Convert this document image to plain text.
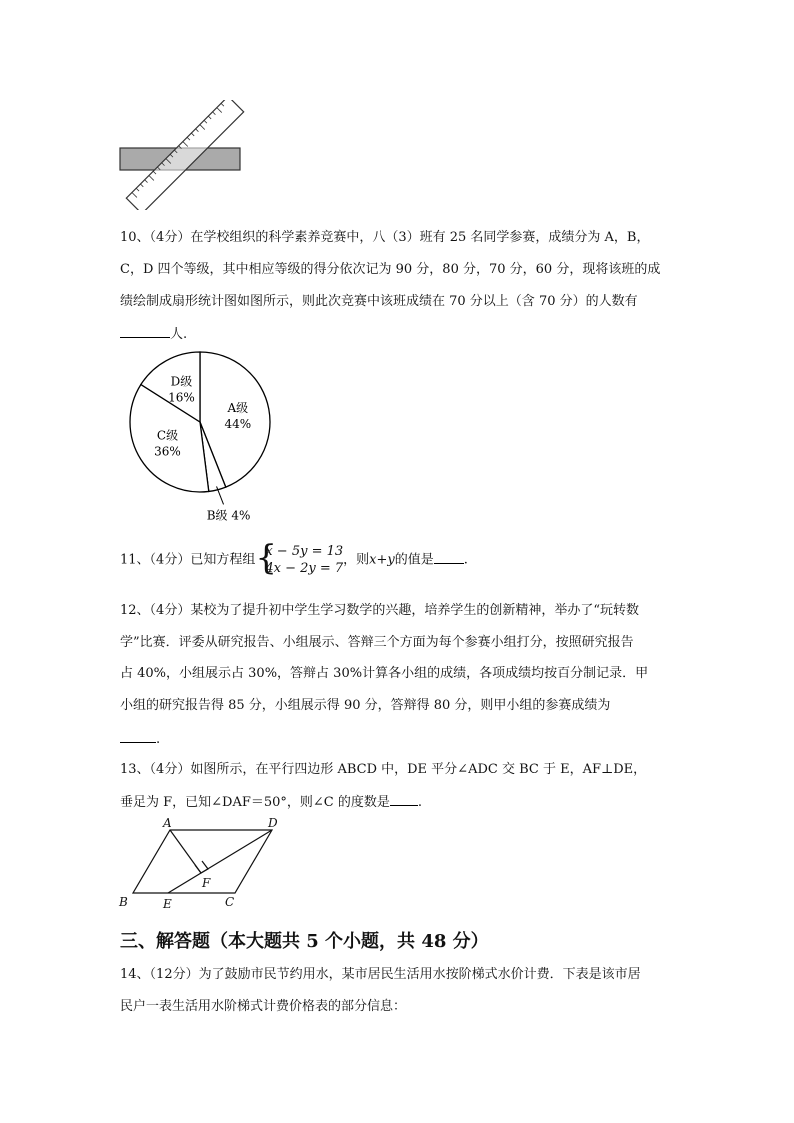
10、（4分）在学校组织的科学素养竞赛中，八（3）班有 25 名同学参赛，成绩分为 A，B，
C，D 四个等级，其中相应等级的得分依次记为 90 分，80 分，70 分，60 分，现将该班的成
绩绘制成扇形统计图如图所示，则此次竞赛中该班成绩在 70 分以上（含 70 分）的人数有
人.
A级
44%
B级 4%
C级
36%
D级
16%
11、（4分）已知方程组 {
x − 5y = 13
4x − 2y = 7
，则x+y的值是 .
12、（4分）某校为了提升初中学生学习数学的兴趣，培养学生的创新精神，举办了“玩转数
学”比赛．评委从研究报告、小组展示、答辩三个方面为每个参赛小组打分，按照研究报告
占 40%，小组展示占 30%，答辩占 30%计算各小组的成绩，各项成绩均按百分制记录．甲
小组的研究报告得 85 分，小组展示得 90 分，答辩得 80 分，则甲小组的参赛成绩为
.
13、（4分）如图所示，在平行四边形 ABCD 中，DE 平分∠ADC 交 BC 于 E，AF⊥DE，
垂足为 F，已知∠DAF＝50°，则∠C 的度数是 .
A	D
F
B	E	C
三、解答题（本大题共 5 个小题，共 48 分）
14、（12分）为了鼓励市民节约用水，某市居民生活用水按阶梯式水价计费．下表是该市居
民户一表生活用水阶梯式计费价格表的部分信息：
